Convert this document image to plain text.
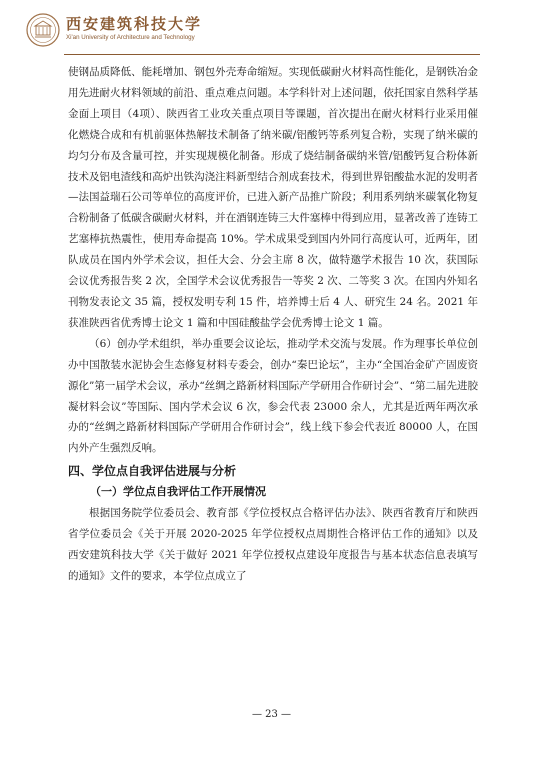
西安建筑科技大学
Xi'an University of Architecture and Technology

使钢品质降低、能耗增加、钢包外壳寿命缩短。实现低碳耐火材料高性能化，是钢铁冶金用先进耐火材料领域的前沿、重点难点问题。本学科针对上述问题，依托国家自然科学基金面上项目（4项）、陕西省工业攻关重点项目等课题，首次提出在耐火材料行业采用催化燃烧合成和有机前驱体热解技术制备了纳米碳/铝酸钙等系列复合粉，实现了纳米碳的均匀分布及含量可控，并实现规模化制备。形成了烧结制备碳纳米管/铝酸钙复合粉体新技术及铝电渣线和高炉出铁沟浇注料新型结合剂成套技术，得到世界铝酸盐水泥的发明者—法国益瑞石公司等单位的高度评价，已进入新产品推广阶段；利用系列纳米碳氧化物复合粉制备了低碳含碳耐火材料，并在酒钢连铸三大件塞棒中得到应用，显著改善了连铸工艺塞棒抗热震性，使用寿命提高 10%。学术成果受到国内外同行高度认可，近两年，团队成员在国内外学术会议，担任大会、分会主席 8 次，做特邀学术报告 10 次，获国际会议优秀报告奖 2 次，全国学术会议优秀报告一等奖 2 次、二等奖 3 次。在国内外知名刊物发表论文 35 篇，授权发明专利 15 件，培养博士后 4 人、研究生 24 名。2021 年获准陕西省优秀博士论文 1 篇和中国硅酸盐学会优秀博士论文 1 篇。

（6）创办学术组织，举办重要会议论坛，推动学术交流与发展。作为理事长单位创办中国散装水泥协会生态修复材料专委会，创办“秦巴论坛”，主办“全国冶金矿产固废资源化”第一届学术会议，承办“丝绸之路新材料国际产学研用合作研讨会”、“第二届先进胶凝材料会议”等国际、国内学术会议 6 次，参会代表 23000 余人，尤其是近两年两次承办的“丝绸之路新材料国际产学研用合作研讨会”，线上线下参会代表近 80000 人，在国内外产生强烈反响。

四、学位点自我评估进展与分析
（一）学位点自我评估工作开展情况

根据国务院学位委员会、教育部《学位授权点合格评估办法》、陕西省教育厅和陕西省学位委员会《关于开展 2020-2025 年学位授权点周期性合格评估工作的通知》以及西安建筑科技大学《关于做好 2021 年学位授权点建设年度报告与基本状态信息表填写的通知》文件的要求，本学位点成立了

— 23 —
